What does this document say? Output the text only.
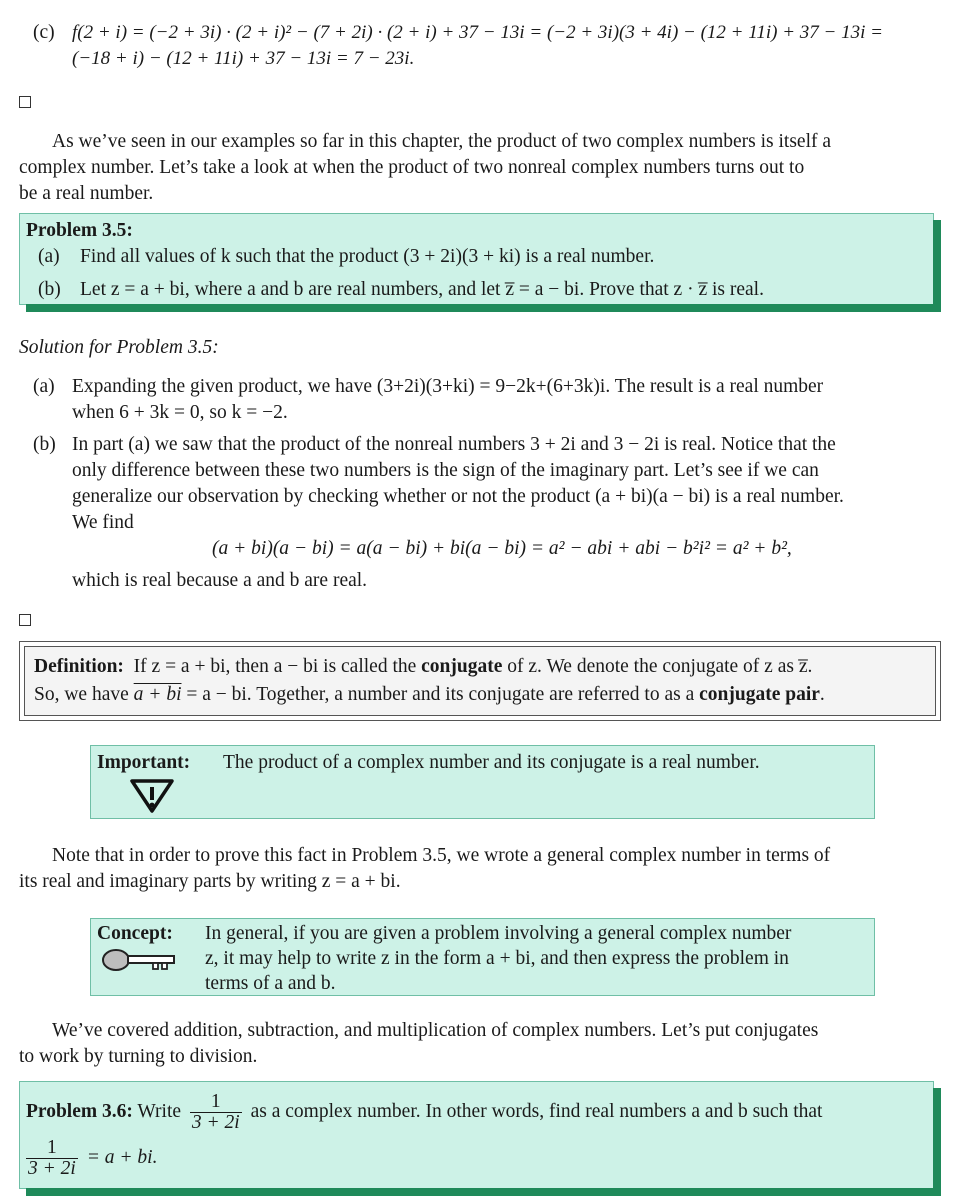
(c) f(2 + i) = (−2 + 3i) · (2 + i)² − (7 + 2i) · (2 + i) + 37 − 13i = (−2 + 3i)(3 + 4i) − (12 + 11i) + 37 − 13i =
(−18 + i) − (12 + 11i) + 37 − 13i = 7 − 23i.
As we’ve seen in our examples so far in this chapter, the product of two complex numbers is itself a
complex number. Let’s take a look at when the product of two nonreal complex numbers turns out to
be a real number.
Problem 3.5:
(a) Find all values of k such that the product (3 + 2i)(3 + ki) is a real number.
(b) Let z = a + bi, where a and b are real numbers, and let z̅ = a − bi. Prove that z · z̅ is real.
Solution for Problem 3.5:
(a) Expanding the given product, we have (3+2i)(3+ki) = 9−2k+(6+3k)i. The result is a real number
when 6 + 3k = 0, so k = −2.
(b) In part (a) we saw that the product of the nonreal numbers 3 + 2i and 3 − 2i is real. Notice that the
only difference between these two numbers is the sign of the imaginary part. Let’s see if we can
generalize our observation by checking whether or not the product (a + bi)(a − bi) is a real number.
We find
(a + bi)(a − bi) = a(a − bi) + bi(a − bi) = a² − abi + abi − b²i² = a² + b²,
which is real because a and b are real.
Definition: If z = a + bi, then a − bi is called the conjugate of z. We denote the conjugate of z as z̅.
So, we have a + bi = a − bi. Together, a number and its conjugate are referred to as a conjugate pair.
Important: The product of a complex number and its conjugate is a real number.
Note that in order to prove this fact in Problem 3.5, we wrote a general complex number in terms of
its real and imaginary parts by writing z = a + bi.
Concept: In general, if you are given a problem involving a general complex number
z, it may help to write z in the form a + bi, and then express the problem in
terms of a and b.
We’ve covered addition, subtraction, and multiplication of complex numbers. Let’s put conjugates
to work by turning to division.
Problem 3.6: Write $\frac{1}{3 + 2i}$ as a complex number. In other words, find real numbers a and b such that
$\frac{1}{3 + 2i} = a$ + bi.
